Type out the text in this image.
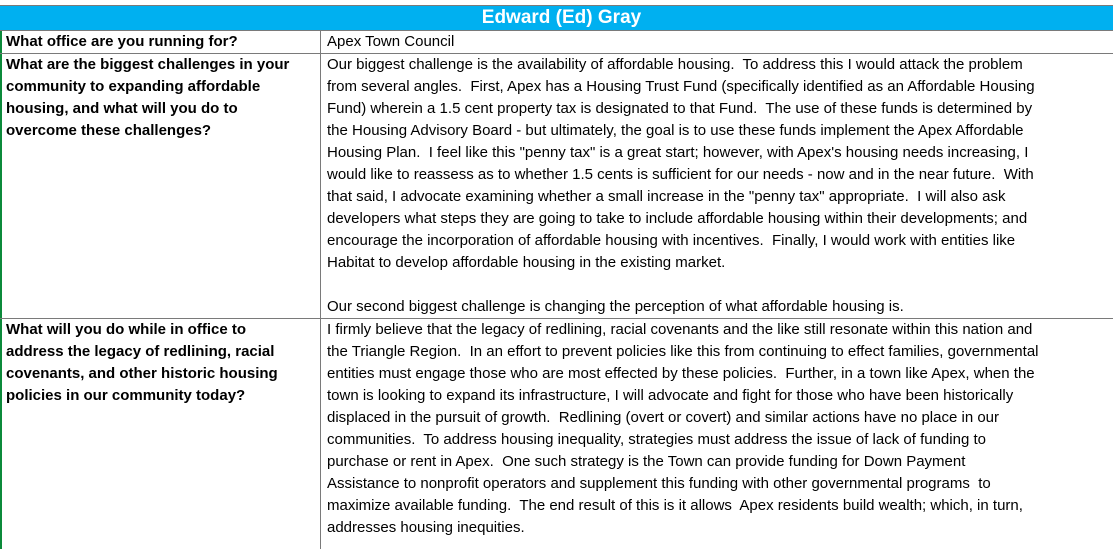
Edward (Ed) Gray
What office are you running for?	Apex Town Council

What are the biggest challenges in your
community to expanding affordable
housing, and what will you do to
overcome these challenges?

Our biggest challenge is the availability of affordable housing.  To address this I would attack the problem

from several angles.  First, Apex has a Housing Trust Fund (specifically identified as an Affordable Housing

Fund) wherein a 1.5 cent property tax is designated to that Fund.  The use of these funds is determined by

the Housing Advisory Board - but ultimately, the goal is to use these funds implement the Apex Affordable

Housing Plan.  I feel like this "penny tax" is a great start; however, with Apex's housing needs increasing, I

would like to reassess as to whether 1.5 cents is sufficient for our needs - now and in the near future.  With

that said, I advocate examining whether a small increase in the "penny tax" appropriate.  I will also ask

developers what steps they are going to take to include affordable housing within their developments; and

encourage the incorporation of affordable housing with incentives.  Finally, I would work with entities like

Habitat to develop affordable housing in the existing market.

Our second biggest challenge is changing the perception of what affordable housing is.

What will you do while in office to
address the legacy of redlining, racial
covenants, and other historic housing
policies in our community today?

I firmly believe that the legacy of redlining, racial covenants and the like still resonate within this nation and

the Triangle Region.  In an effort to prevent policies like this from continuing to effect families, governmental

entities must engage those who are most effected by these policies.  Further, in a town like Apex, when the

town is looking to expand its infrastructure, I will advocate and fight for those who have been historically

displaced in the pursuit of growth.  Redlining (overt or covert) and similar actions have no place in our

communities.  To address housing inequality, strategies must address the issue of lack of funding to

purchase or rent in Apex.  One such strategy is the Town can provide funding for Down Payment

Assistance to nonprofit operators and supplement this funding with other governmental programs  to

maximize available funding.  The end result of this is it allows  Apex residents build wealth; which, in turn,

addresses housing inequities.
